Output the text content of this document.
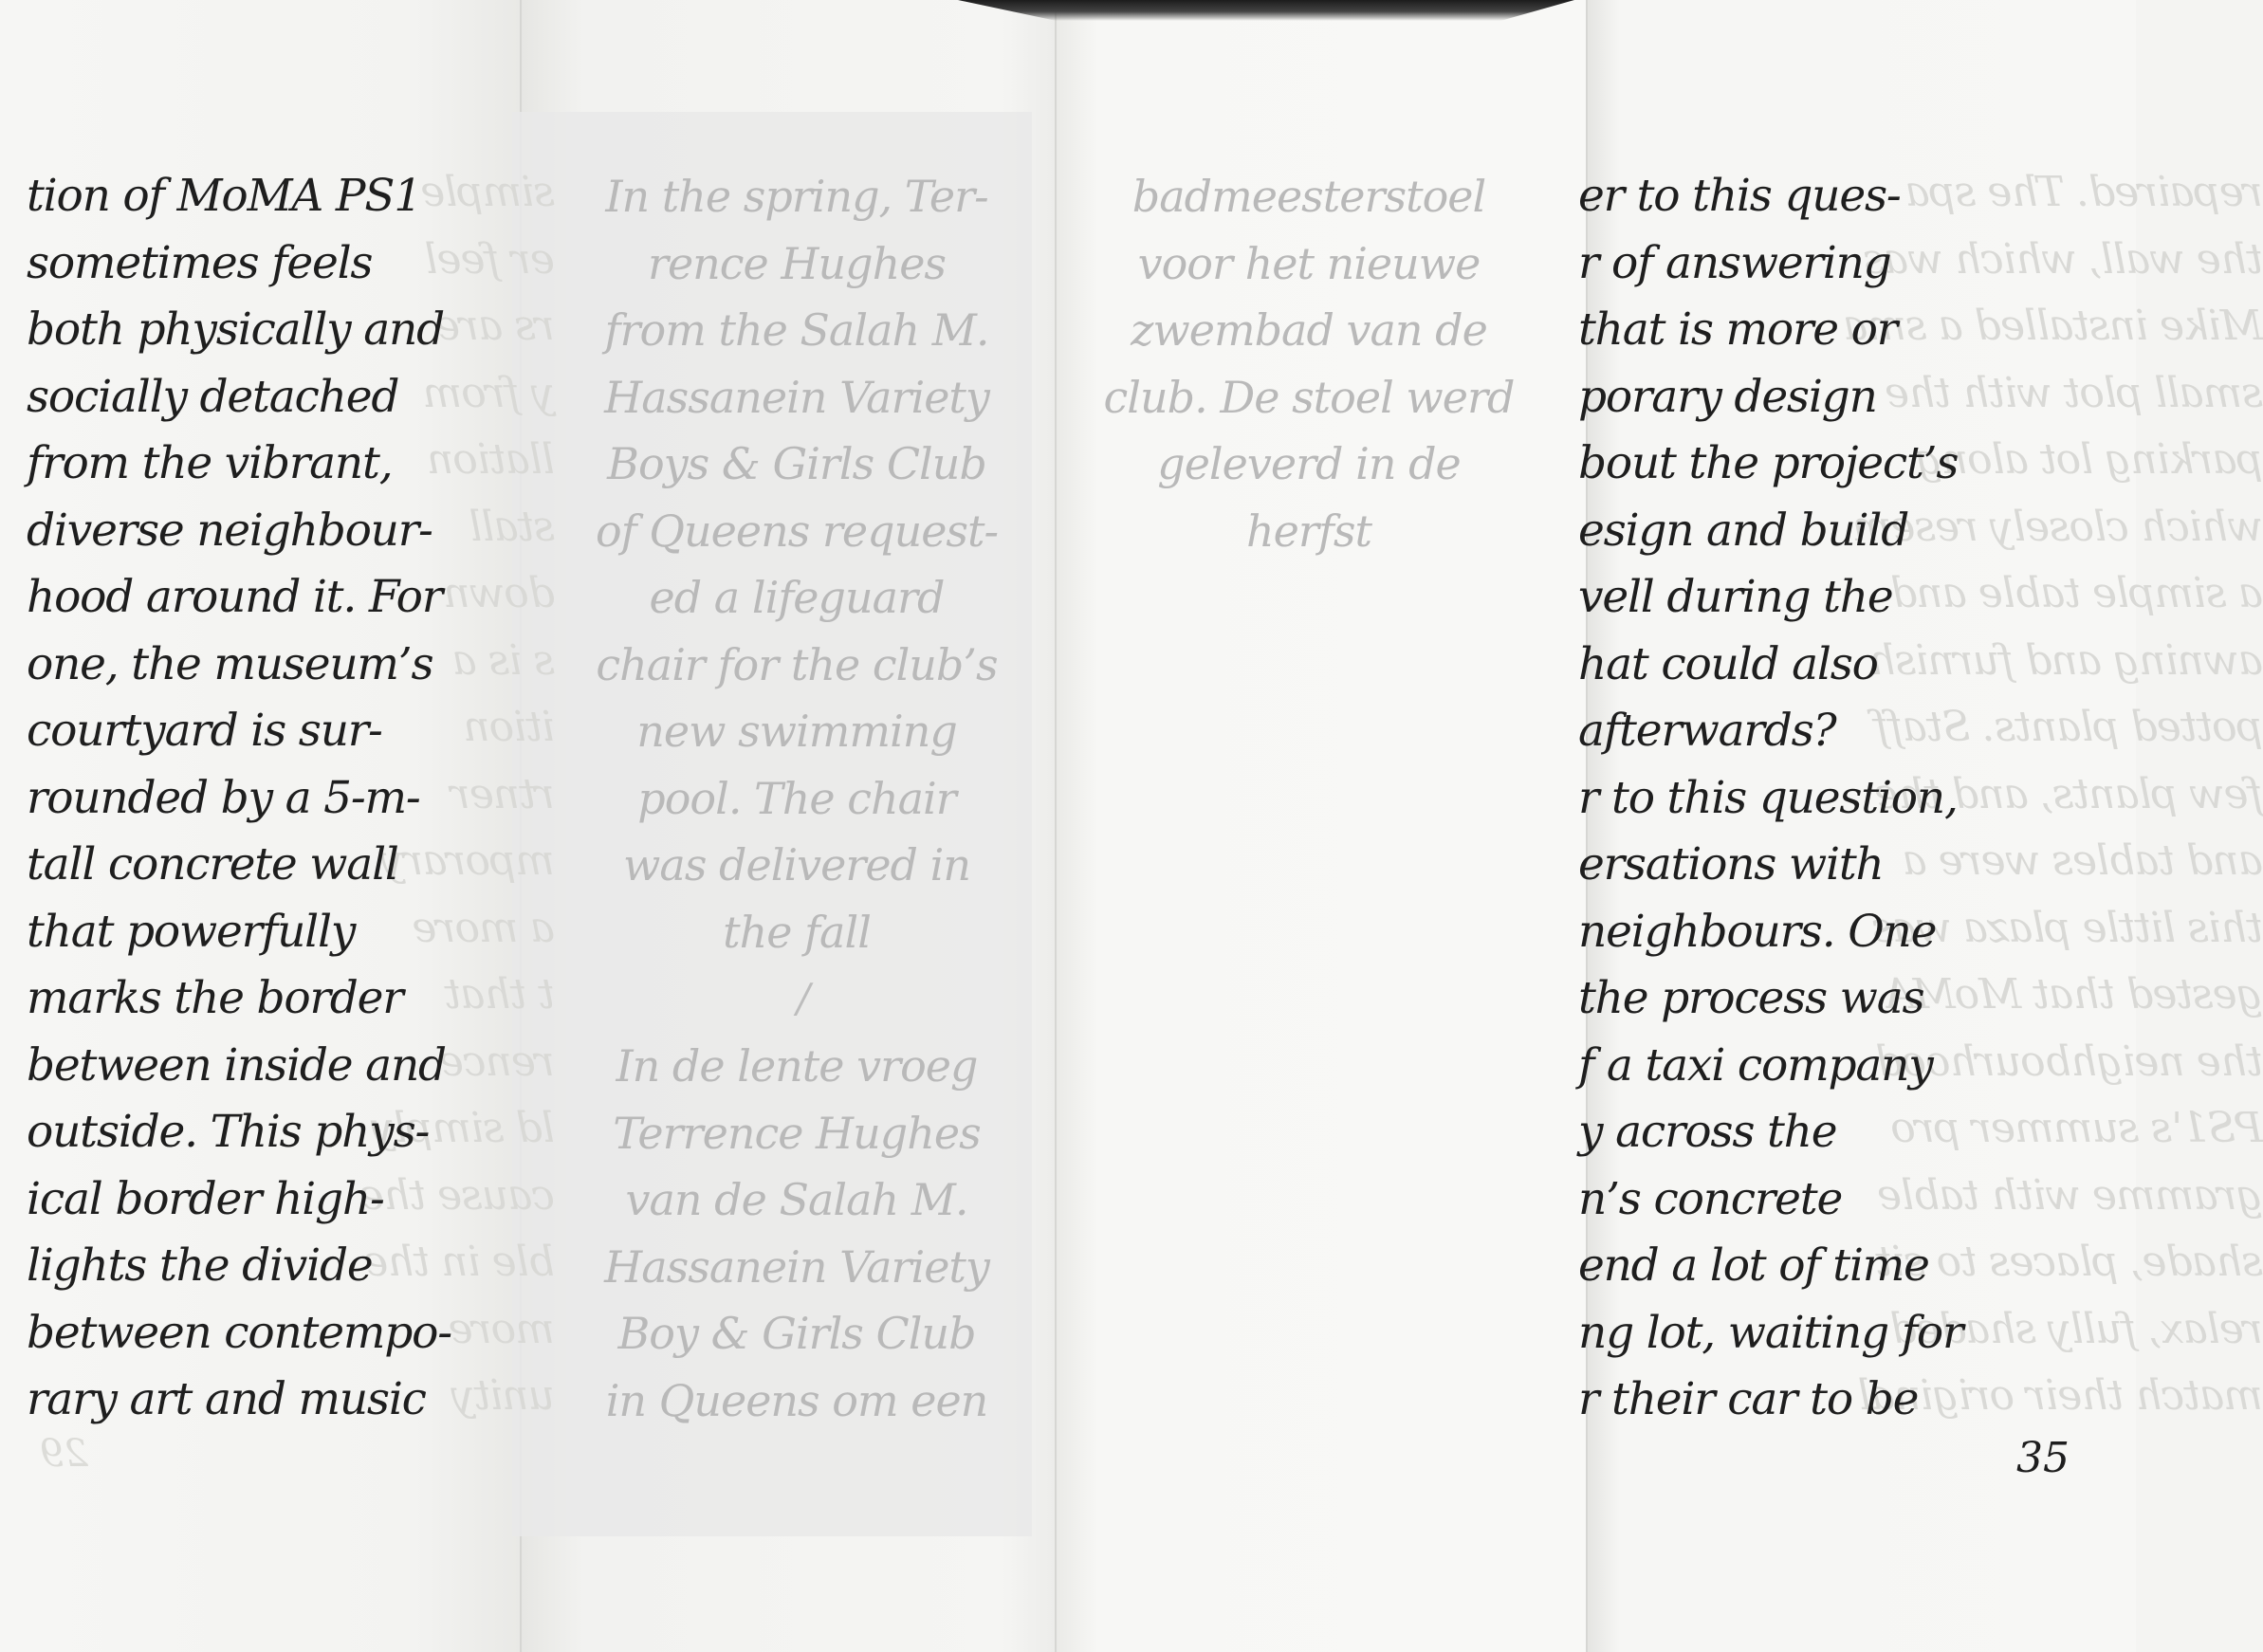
repaired. The spa
the wall, which was
Mike installed a sma
small plot with the
parking lot along
which closely resem
a simple table and
awning and furnish
potted plants. Staff
few plants, and the
and tables were a
this little plaza was
gested that MoMA
the neighbourhood
PS1's summer pro
gramme with table
shade, places to sit
relax, fully shaded
match their original
simple
er feel
rs are
y from
llation
stall
down
s is a
ition
rtner
mporary
a more
t that
rence
ld simply
cause the
ble in the
more
unity
29
tion of MoMA PS1
sometimes feels
both physically and
socially detached
from the vibrant,
diverse neighbour-
hood around it. For
one, the museum’s
courtyard is sur-
rounded by a 5-m-
tall concrete wall
that powerfully
marks the border
between inside and
outside. This phys-
ical border high-
lights the divide
between contempo-
rary art and music
In the spring, Ter-
rence Hughes
from the Salah M.
Hassanein Variety
Boys & Girls Club
of Queens request-
ed a lifeguard
chair for the club’s
new swimming
pool. The chair
was delivered in
the fall
/
In de lente vroeg
Terrence Hughes
van de Salah M.
Hassanein Variety
Boy & Girls Club
in Queens om een
badmeesterstoel
voor het nieuwe
zwembad van de
club. De stoel werd
geleverd in de
herfst
er to this ques-
r of answering
that is more or
porary design
bout the project’s
esign and build
vell during the
hat could also
afterwards?
r to this question,
ersations with
neighbours. One
the process was
f a taxi company
y across the
n’s concrete
end a lot of time
ng lot, waiting for
r their car to be
35
